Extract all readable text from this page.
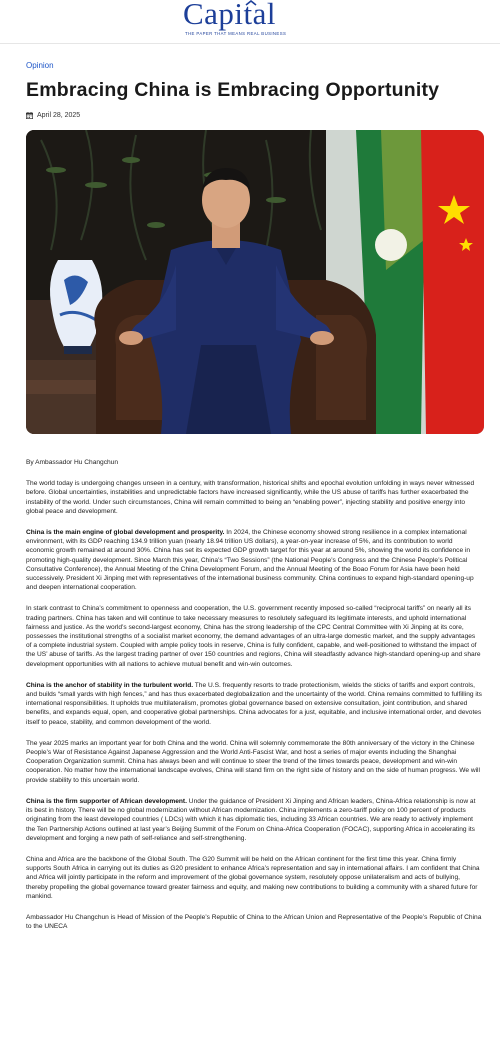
Capital
THE PAPER THAT MEANS REAL BUSINESS
Opinion
Embracing China is Embracing Opportunity
April 28, 2025

By Ambassador Hu Changchun

The world today is undergoing changes unseen in a century, with transformation, historical shifts and epochal evolution unfolding in ways never witnessed before. Global uncertainties, instabilities and unpredictable factors have increased significantly, while the US abuse of tariffs has further exacerbated the instability of the world. Under such circumstances, China will remain committed to being an “enabling power”, injecting stability and positive energy into global peace and development.

China is the main engine of global development and prosperity. In 2024, the Chinese economy showed strong resilience in a complex international environment, with its GDP reaching 134.9 trillion yuan (nearly 18.94 trillion US dollars), a year-on-year increase of 5%, and its contribution to world economic growth remained at around 30%. China has set its expected GDP growth target for this year at around 5%, showing the world its confidence in promoting high-quality development. Since March this year, China’s “Two Sessions” (the National People’s Congress and the Chinese People’s Political Consultative Conference), the Annual Meeting of the China Development Forum, and the Annual Meeting of the Boao Forum for Asia have been held successively. President Xi Jinping met with representatives of the international business community. China continues to expand high-standard opening-up and deepen international cooperation.

In stark contrast to China’s commitment to openness and cooperation, the U.S. government recently imposed so-called “reciprocal tariffs” on nearly all its trading partners. China has taken and will continue to take necessary measures to resolutely safeguard its legitimate interests, and uphold international fairness and justice. As the world’s second-largest economy, China has the strong leadership of the CPC Central Committee with Xi Jinping at its core, possesses the institutional strengths of a socialist market economy, the demand advantages of an ultra-large domestic market, and the supply advantages of a complete industrial system. Coupled with ample policy tools in reserve, China is fully confident, capable, and well-positioned to withstand the impact of the US’ abuse of tariffs. As the largest trading partner of over 150 countries and regions, China will steadfastly advance high-standard opening-up and share development opportunities with all nations to achieve mutual benefit and win-win outcomes.

China is the anchor of stability in the turbulent world. The U.S. frequently resorts to trade protectionism, wields the sticks of tariffs and export controls, and builds “small yards with high fences,” and has thus exacerbated deglobalization and the uncertainty of the world. China remains committed to fulfilling its international responsibilities. It upholds true multilateralism, promotes global governance based on extensive consultation, joint contribution, and shared benefits, and expands equal, open, and cooperative global partnerships. China advocates for a just, equitable, and inclusive international order, and devotes itself to peace, stability, and common development of the world.

The year 2025 marks an important year for both China and the world. China will solemnly commemorate the 80th anniversary of the victory in the Chinese People’s War of Resistance Against Japanese Aggression and the World Anti-Fascist War, and host a series of major events including the Shanghai Cooperation Organization summit. China has always been and will continue to steer the trend of the times towards peace, development and win-win cooperation. No matter how the international landscape evolves, China will stand firm on the right side of history and on the side of human progress. We will provide stability to this uncertain world.

China is the firm supporter of African development. Under the guidance of President Xi Jinping and African leaders, China-Africa relationship is now at its best in history. There will be no global modernization without African modernization. China implements a zero-tariff policy on 100 percent of products originating from the least developed countries ( LDCs) with which it has diplomatic ties, including 33 African countries. We are ready to actively implement the Ten Partnership Actions outlined at last year’s Beijing Summit of the Forum on China-Africa Cooperation (FOCAC), supporting Africa in accelerating its development and forging a new path of self-reliance and self-strengthening.

China and Africa are the backbone of the Global South. The G20 Summit will be held on the African continent for the first time this year. China firmly supports South Africa in carrying out its duties as G20 president to enhance Africa’s representation and say in international affairs. I am confident that China and Africa will jointly participate in the reform and improvement of the global governance system, resolutely oppose unilateralism and acts of bullying, thereby propelling the global governance toward greater fairness and equity, and making new contributions to building a community with a shared future for mankind.

Ambassador Hu Changchun is Head of Mission of the People’s Republic of China to the African Union and Representative of the People’s Republic of China to the UNECA
